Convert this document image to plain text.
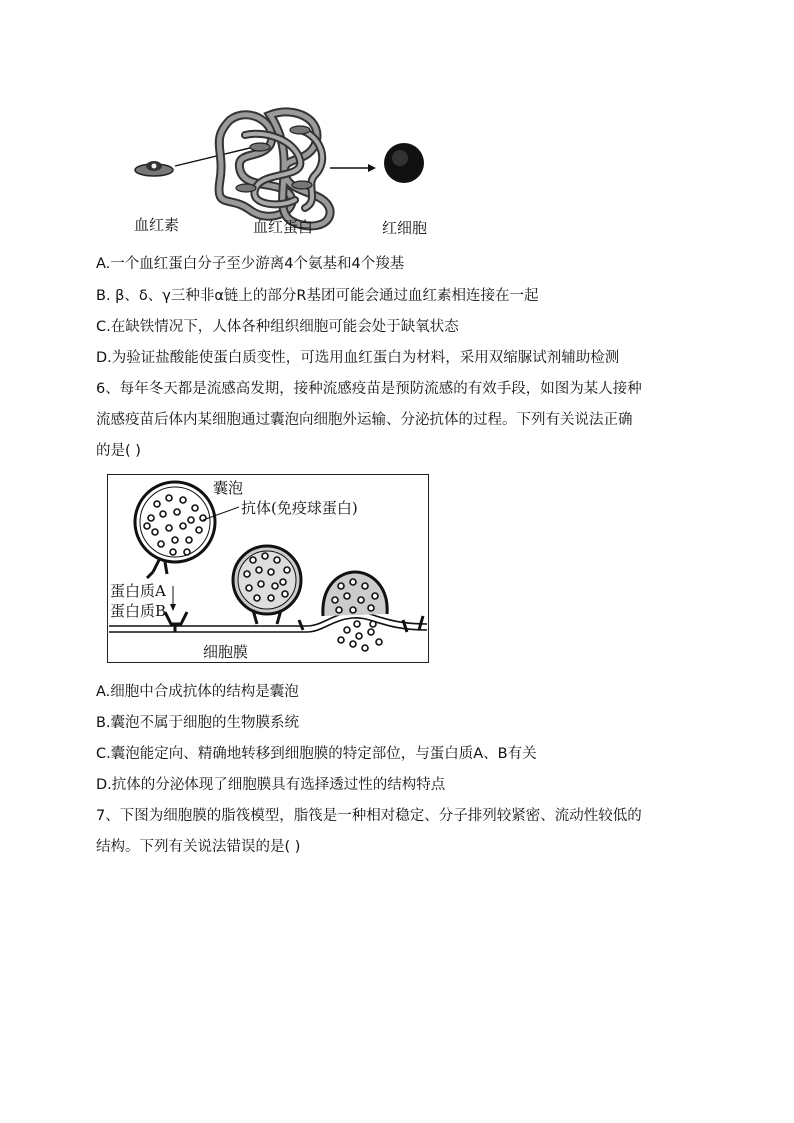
血红素	血红蛋白	红细胞
A.一个血红蛋白分子至少游离4个氨基和4个羧基
B. β、δ、γ三种非α链上的部分R基团可能会通过血红素相连接在一起
C.在缺铁情况下，人体各种组织细胞可能会处于缺氧状态
D.为验证盐酸能使蛋白质变性，可选用血红蛋白为材料，采用双缩脲试剂辅助检测
6、每年冬天都是流感高发期，接种流感疫苗是预防流感的有效手段，如图为某人接种
流感疫苗后体内某细胞通过囊泡向细胞外运输、分泌抗体的过程。下列有关说法正确
的是( )
囊泡
抗体(免疫球蛋白)
蛋白质A
蛋白质B
细胞膜
A.细胞中合成抗体的结构是囊泡
B.囊泡不属于细胞的生物膜系统
C.囊泡能定向、精确地转移到细胞膜的特定部位，与蛋白质A、B有关
D.抗体的分泌体现了细胞膜具有选择透过性的结构特点
7、下图为细胞膜的脂筏模型，脂筏是一种相对稳定、分子排列较紧密、流动性较低的
结构。下列有关说法错误的是( )
